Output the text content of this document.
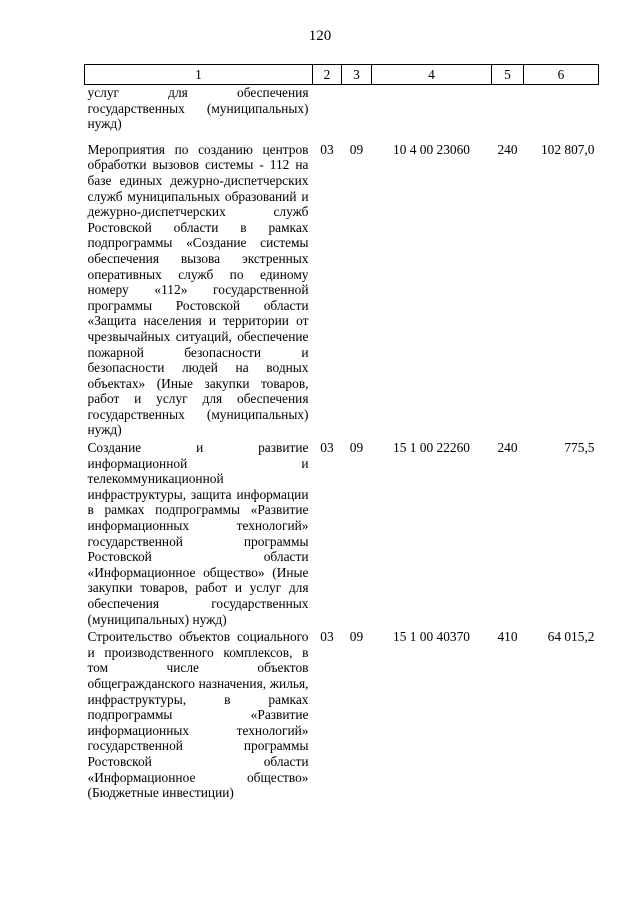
120
1	2	3	4	5	6
услуг для обеспечения государственных (муниципальных) нужд)					
Мероприятия по созданию центров обработки вызовов системы - 112 на базе единых дежурно-диспетчерских служб муниципальных образований и дежурно-диспетчерских служб Ростовской области в рамках подпрограммы «Создание системы обеспечения вызова экстренных оперативных служб по единому номеру «112» государственной программы Ростовской области «Защита населения и территории от чрезвычайных ситуаций, обеспечение пожарной безопасности и безопасности людей на водных объектах» (Иные закупки товаров, работ и услуг для обеспечения государственных (муниципальных) нужд)	03	09	10 4 00 23060	240	102 807,0
Создание и развитие информационной и телекоммуникационной инфраструктуры, защита информации в рамках подпрограммы «Развитие информационных технологий» государственной программы Ростовской области «Информационное общество» (Иные закупки товаров, работ и услуг для обеспечения государственных (муниципальных) нужд)	03	09	15 1 00 22260	240	775,5
Строительство объектов социального и производственного комплексов, в том числе объектов общегражданского назначения, жилья, инфраструктуры, в рамках подпрограммы «Развитие информационных технологий» государственной программы Ростовской области «Информационное общество» (Бюджетные инвестиции)	03	09	15 1 00 40370	410	64 015,2
